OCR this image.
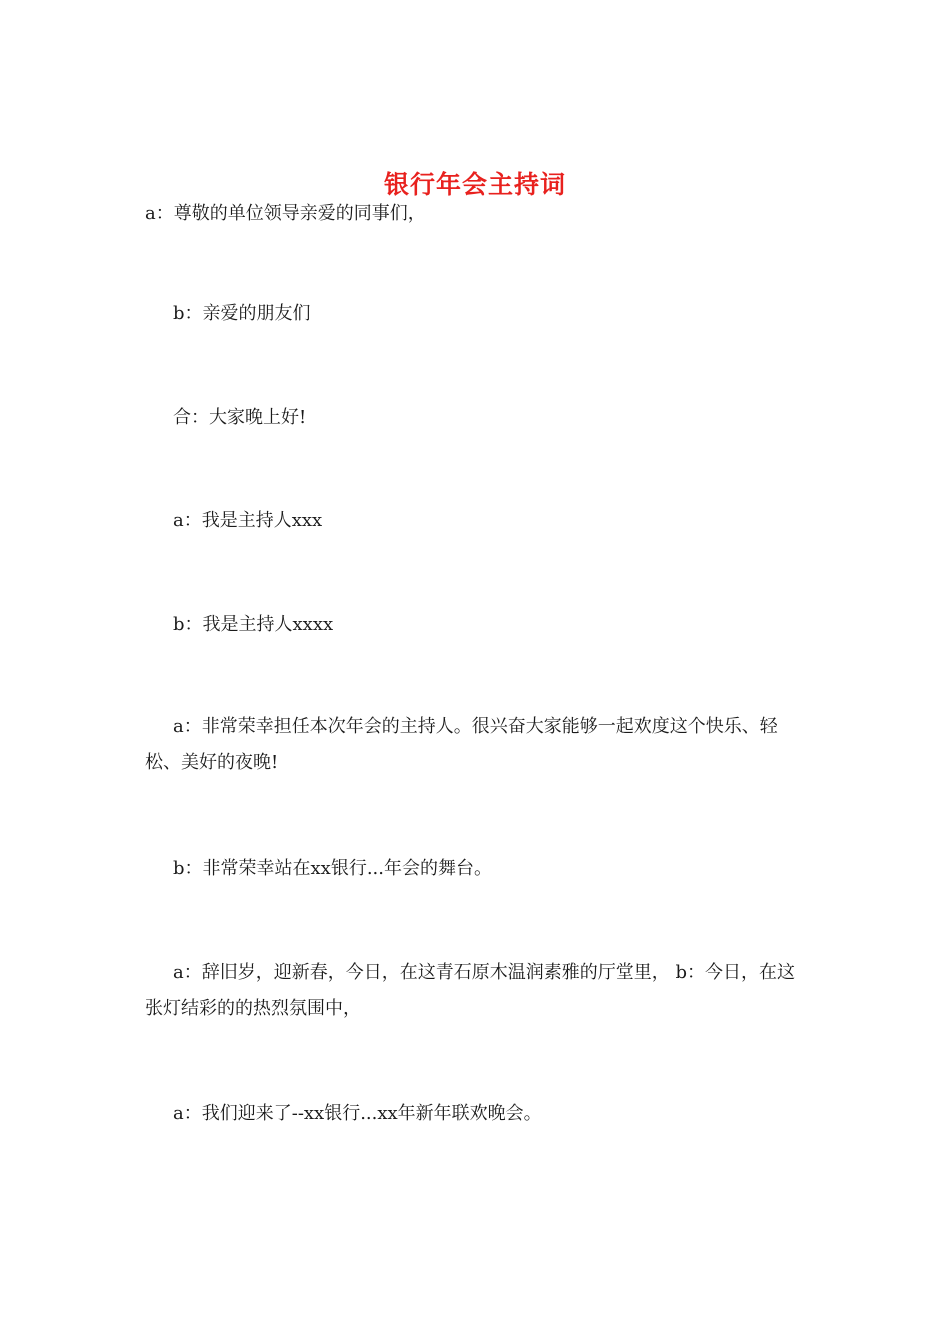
银行年会主持词

a：尊敬的单位领导亲爱的同事们，

b：亲爱的朋友们

合：大家晚上好!

a：我是主持人xxx

b：我是主持人xxxx

a：非常荣幸担任本次年会的主持人。很兴奋大家能够一起欢度这个快乐、轻松、美好的夜晚!

b：非常荣幸站在xx银行...年会的舞台。

a：辞旧岁，迎新春，今日，在这青石原木温润素雅的厅堂里， b：今日，在这张灯结彩的的热烈氛围中，

a：我们迎来了--xx银行...xx年新年联欢晚会。
